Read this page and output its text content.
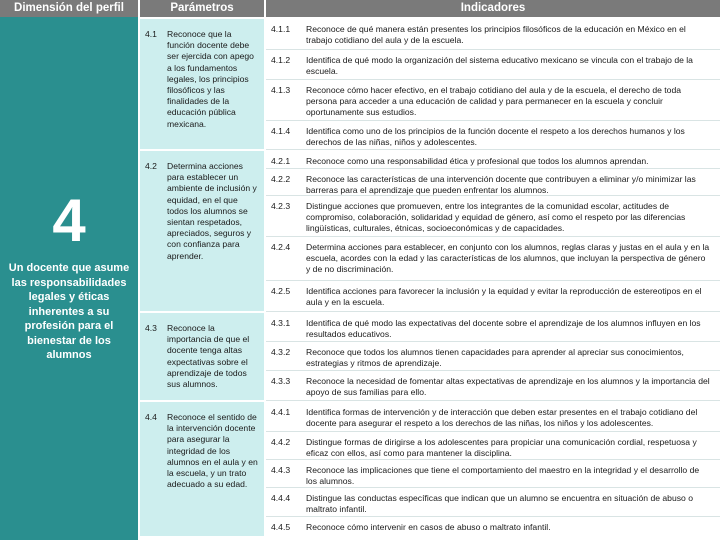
Dimensión del perfil	Parámetros	Indicadores
4
Un docente que asume las responsabilidades legales y éticas inherentes a su profesión para el bienestar de los alumnos
4.1 Reconoce que la función docente debe ser ejercida con apego a los fundamentos legales, los principios filosóficos y las finalidades de la educación pública mexicana.
4.2 Determina acciones para establecer un ambiente de inclusión y equidad, en el que todos los alumnos se sientan respetados, apreciados, seguros y con confianza para aprender.
4.3 Reconoce la importancia de que el docente tenga altas expectativas sobre el aprendizaje de todos sus alumnos.
4.4 Reconoce el sentido de la intervención docente para asegurar la integridad de los alumnos en el aula y en la escuela, y un trato adecuado a su edad.
4.1.1	Reconoce de qué manera están presentes los principios filosóficos de la educación en México en el trabajo cotidiano del aula y de la escuela.
4.1.2	Identifica de qué modo la organización del sistema educativo mexicano se vincula con el trabajo de la escuela.
4.1.3	Reconoce cómo hacer efectivo, en el trabajo cotidiano del aula y de la escuela, el derecho de toda persona para acceder a una educación de calidad y para permanecer en la escuela y concluir oportunamente sus estudios.
4.1.4	Identifica como uno de los principios de la función docente el respeto a los derechos humanos y los derechos de las niñas, niños y adolescentes.
4.2.1	Reconoce como una responsabilidad ética y profesional que todos los alumnos aprendan.
4.2.2	Reconoce las características de una intervención docente que contribuyen a eliminar y/o minimizar las barreras para el aprendizaje que pueden enfrentar los alumnos.
4.2.3	Distingue acciones que promueven, entre los integrantes de la comunidad escolar, actitudes de compromiso, colaboración, solidaridad y equidad de género, así como el respeto por las diferencias lingüísticas, culturales, étnicas, socioeconómicas y de capacidades.
4.2.4	Determina acciones para establecer, en conjunto con los alumnos, reglas claras y justas en el aula y en la escuela, acordes con la edad y las características de los alumnos, que incluyan la perspectiva de género y de no discriminación.
4.2.5	Identifica acciones para favorecer la inclusión y la equidad y evitar la reproducción de estereotipos en el aula y en la escuela.
4.3.1	Identifica de qué modo las expectativas del docente sobre el aprendizaje de los alumnos influyen en los resultados educativos.
4.3.2	Reconoce que todos los alumnos tienen capacidades para aprender al apreciar sus conocimientos, estrategias y ritmos de aprendizaje.
4.3.3	Reconoce la necesidad de fomentar altas expectativas de aprendizaje en los alumnos y la importancia del apoyo de sus familias para ello.
4.4.1	Identifica formas de intervención y de interacción que deben estar presentes en el trabajo cotidiano del docente para asegurar el respeto a los derechos de las niñas, los niños y los adolescentes.
4.4.2	Distingue formas de dirigirse a los adolescentes para propiciar una comunicación cordial, respetuosa y eficaz con ellos, así como para mantener la disciplina.
4.4.3	Reconoce las implicaciones que tiene el comportamiento del maestro en la integridad y el desarrollo de los alumnos.
4.4.4	Distingue las conductas específicas que indican que un alumno se encuentra en situación de abuso o maltrato infantil.
4.4.5	Reconoce cómo intervenir en casos de abuso o maltrato infantil.
